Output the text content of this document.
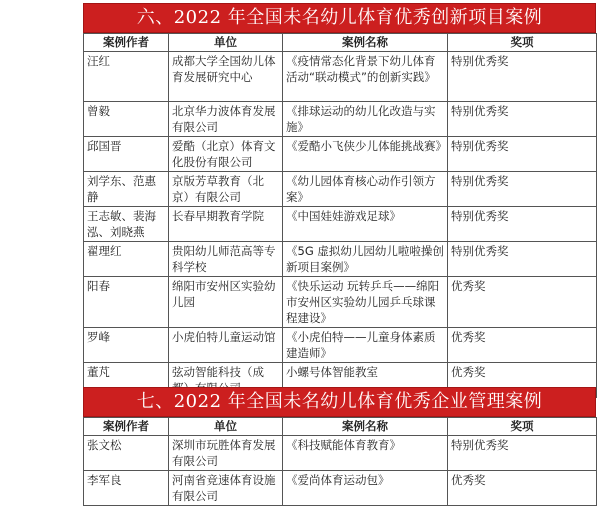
六、2022 年全国未名幼儿体育优秀创新项目案例
案例作者	单位	案例名称	奖项
汪红	成都大学全国幼儿体育发展研究中心	《疫情常态化背景下幼儿体育活动“联动模式”的创新实践》	特别优秀奖
曾毅	北京华力波体育发展有限公司	《排球运动的幼儿化改造与实施》	特别优秀奖
邱国晋	爱酷（北京）体育文化股份有限公司	《爱酷小飞侠少儿体能挑战赛》	特别优秀奖
刘学东、范惠静	京版芳草教育（北京）有限公司	《幼儿园体育核心动作引领方案》	特别优秀奖
王志敏、裴海泓、刘晓燕	长春早期教育学院	《中国娃娃游戏足球》	特别优秀奖
翟理红	贵阳幼儿师范高等专科学校	《5G 虚拟幼儿园幼儿啦啦操创新项目案例》	特别优秀奖
阳春	绵阳市安州区实验幼儿园	《快乐运动 玩转乒乓——绵阳市安州区实验幼儿园乒乓球课程建设》	优秀奖
罗峰	小虎伯特儿童运动馆	《小虎伯特——儿童身体素质建造师》	优秀奖
董芃	弦动智能科技（成	小螺号体智能教室	优秀奖
七、2022 年全国未名幼儿体育优秀企业管理案例
案例作者	单位	案例名称	奖项
张文松	深圳市玩胜体育发展有限公司	《科技赋能体育教育》	特别优秀奖
李军良	河南省竞速体育设施有限公司	《爱尚体育运动包》	优秀奖
